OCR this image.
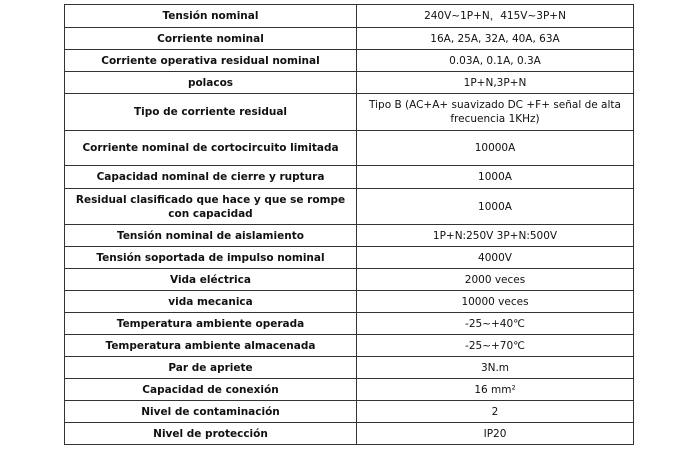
Tensión nominal	240V~1P+N，415V~3P+N
Corriente nominal	16A, 25A, 32A, 40A, 63A
Corriente operativa residual nominal	0.03A, 0.1A, 0.3A
polacos	1P+N,3P+N
Tipo de corriente residual	Tipo B (AC+A+ suavizado DC +F+ señal de alta frecuencia 1KHz)
Corriente nominal de cortocircuito limitada	10000A
Capacidad nominal de cierre y ruptura	1000A
Residual clasificado que hace y que se rompe con capacidad	1000A
Tensión nominal de aislamiento	1P+N:250V 3P+N:500V
Tensión soportada de impulso nominal	4000V
Vida eléctrica	2000 veces
vida mecanica	10000 veces
Temperatura ambiente operada	-25~+40℃
Temperatura ambiente almacenada	-25~+70℃
Par de apriete	3N.m
Capacidad de conexión	16 mm²
Nivel de contaminación	2
Nivel de protección	IP20
